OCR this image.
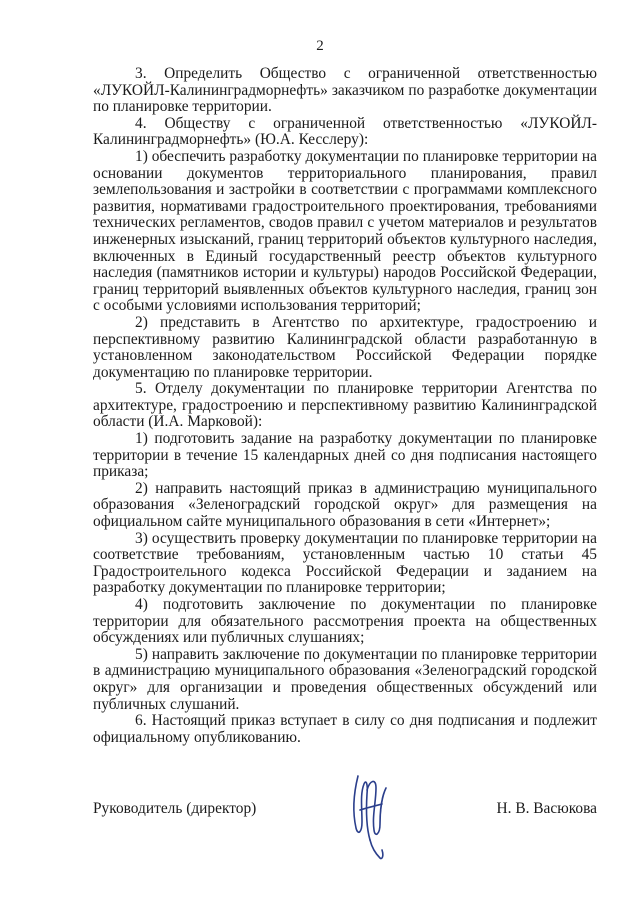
2

3. Определить Общество с ограниченной ответственностью «ЛУКОЙЛ-Калининградморнефть» заказчиком по разработке документации по планировке территории.

4. Обществу с ограниченной ответственностью «ЛУКОЙЛ-Калининградморнефть» (Ю.А. Кесслеру):

1) обеспечить разработку документации по планировке территории на основании документов территориального планирования, правил землепользования и застройки в соответствии с программами комплексного развития, нормативами градостроительного проектирования, требованиями технических регламентов, сводов правил с учетом материалов и результатов инженерных изысканий, границ территорий объектов культурного наследия, включенных в Единый государственный реестр объектов культурного наследия (памятников истории и культуры) народов Российской Федерации, границ территорий выявленных объектов культурного наследия, границ зон с особыми условиями использования территорий;

2) представить в Агентство по архитектуре, градостроению и перспективному развитию Калининградской области разработанную в установленном законодательством Российской Федерации порядке документацию по планировке территории.

5. Отделу документации по планировке территории Агентства по архитектуре, градостроению и перспективному развитию Калининградской области (И.А. Марковой):

1) подготовить задание на разработку документации по планировке территории в течение 15 календарных дней со дня подписания настоящего приказа;

2) направить настоящий приказ в администрацию муниципального образования «Зеленоградский городской округ» для размещения на официальном сайте муниципального образования в сети «Интернет»;

3) осуществить проверку документации по планировке территории на соответствие требованиям, установленным частью 10 статьи 45 Градостроительного кодекса Российской Федерации и заданием на разработку документации по планировке территории;

4) подготовить заключение по документации по планировке территории для обязательного рассмотрения проекта на общественных обсуждениях или публичных слушаниях;

5) направить заключение по документации по планировке территории в администрацию муниципального образования «Зеленоградский городской округ» для организации и проведения общественных обсуждений или публичных слушаний.

6. Настоящий приказ вступает в силу со дня подписания и подлежит официальному опубликованию.

Руководитель (директор)	Н. В. Васюкова
